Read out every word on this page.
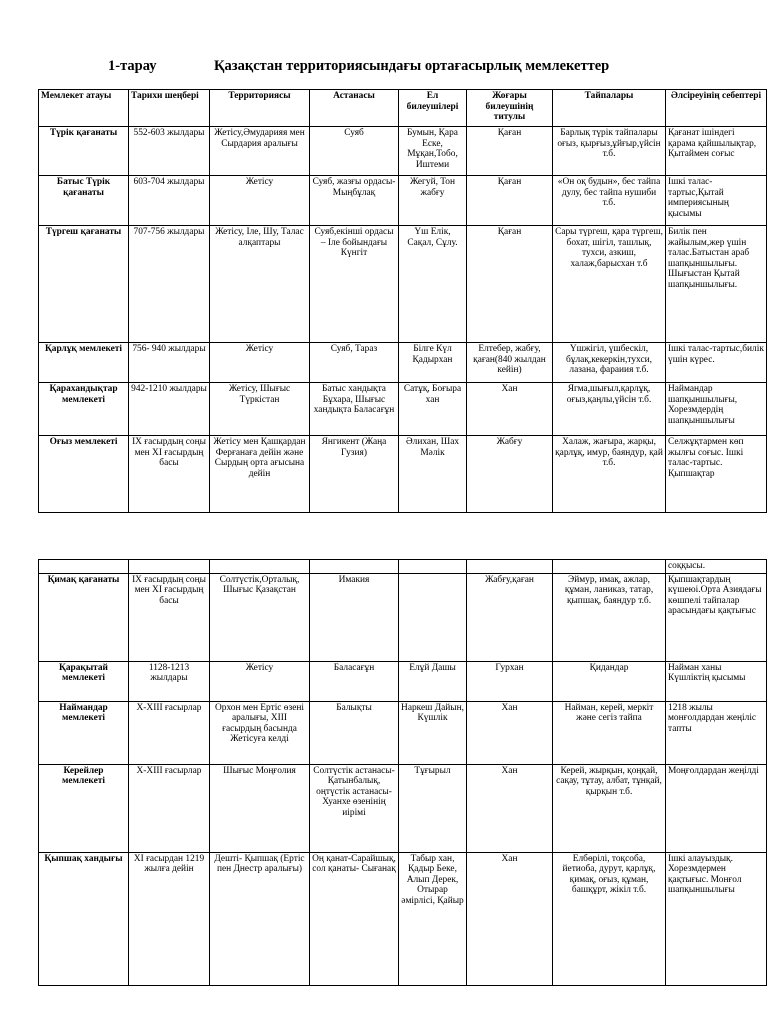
1-тарау	Қазақстан территориясындағы ортағасырлық мемлекеттер
Мемлекет атауы	Тарихи шеңбері	Территориясы	Астанасы	Ел билеушілері	Жоғары билеушінің титулы	Тайпалары	Әлсіреуінің себептері
Түрік қағанаты	552-603 жылдары	Жетісу,Әмударияя мен Сырдария аралығы	Суяб	Бумын, Қара Еске, Мұқан,Тобо, Иштеми	Қаған	Барлық түрік тайпалары оғыз, қырғыз,ұйғыр,үйсін т.б.	Қағанат ішіндегі қарама қайшылықтар, Қытаймен соғыс
Батыс Түрік қағанаты	603-704 жылдары	Жетісу	Суяб, жазғы ордасы-Мыңбұлақ	Жегуй, Тон жабғу	Қаған	«Он оқ будын», бес тайпа дулу, бес тайпа нушиби т.б.	Ішкі талас-тартыс,Қытай империясының қысымы
Түргеш қағанаты	707-756 жылдары	Жетісу, Іле, Шу, Талас алқаптары	Суяб,екінші ордасы – Іле бойындағы Күнгіт	Үш Елік, Сақал, Сұлу.	Қаған	Сары түргеш, қара түргеш, бохат, шігіл, ташлық, тухси, азкиш, халаж,барысхан т.б	Билік пен жайылым,жер үшін талас.Батыстан араб шапқыншылығы. Шығыстан Қытай шапқыншылығы.
Қарлұқ мемлекеті	756- 940 жылдары	Жетісу	Суяб, Тараз	Білге Күл Қадырхан	Елтебер, жабғу, қаған(840 жылдан кейін)	Үшжігіл, үшбескіл, бұлақ,кекеркін,тухси, лазана, фараиия т.б.	Ішкі талас-тартыс,билік үшін күрес.
Қарахандықтар мемлекеті	942-1210 жылдары	Жетісу, Шығыс Түркістан	Батыс хандықта Бұхара, Шығыс хандықта Баласағұн	Сатұқ, Боғыра хан	Хан	Ягма,шығыл,қарлұқ, оғыз,қаңлы,үйсін т.б.	Наймандар шапқыншылығы, Хорезмдердің шапқыншылығы
Оғыз мемлекеті	IX ғасырдың соңы мен XI ғасырдың басы	Жетісу мен Қашқардан Ферғанаға дейін және Сырдың орта ағысына дейін	Янгикент (Жаңа Гузия)	Әлихан, Шах Мәлік	Жабғу	Халаж, жағыра, жарқы, қарлұқ, имур, баяндур, қай т.б.	Селжұқтармен көп жылғы соғыс. Ішкі талас-тартыс. Қыпшақтар
							соққысы.
Қимақ қағанаты	IX ғасырдың соңы мен XI ғасырдың басы	Солтүстік,Орталық, Шығыс Қазақстан	Имакия		Жабғу,қаған	Эймур, имақ, ажлар, құман, ланиказ, татар, қыпшақ, баяндур т.б.	Қыпшақтардың күшеюі.Орта Азиядағы көшпелі тайпалар арасындағы қақтығыс
Қарақытай мемлекеті	1128-1213 жылдары	Жетісу	Баласағұн	Елұй Дашы	Гурхан	Қидандар	Найман ханы Күшліктің қысымы
Наймандар мемлекеті	X-XIII ғасырлар	Орхон мен Ертіс өзені аралығы, XIII ғасырдың басында Жетісуға келді	Балықты	Наркеш Дайын, Күшлік	Хан	Найман, керей, меркіт және сегіз тайпа	1218 жылы монғолдардан жеңіліс тапты
Керейлер мемлекеті	X-XIII ғасырлар	Шығыс Моңғолия	Солтүстік астанасы-Қатынбалық, оңтүстік астанасы-Хуанхе өзенінің иірімі	Тұғырыл	Хан	Керей, жырқын, қоңқай, сақау, тұтау, албат, тұнқай, қырқын т.б.	Моңғолдардан жеңілді
Қыпшақ хандығы	XI ғасырдан 1219 жылға дейін	Дешті- Қыпшақ (Ертіс пен Днестр аралығы)	Оң қанат-Сарайшық, сол қанаты- Сығанақ	Табыр хан, Қадыр Беке, Алып Дерек, Отырар әмірлісі, Қайыр	Хан	Елбөрілі, тоқсоба, йетиоба, дурут, қарлұқ, қимақ, оғыз, құман, башқұрт, жікіл т.б.	Ішкі алауыздық. Хорезмдермен қақтығыс. Монғол шапқыншылығы
